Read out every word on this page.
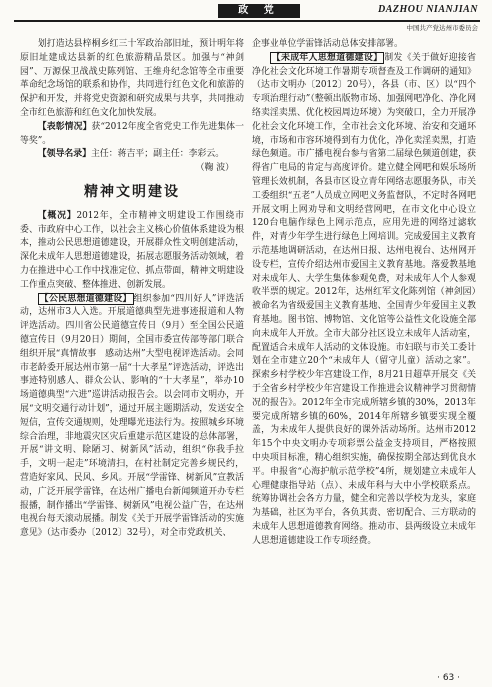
政 党	DAZHOU NIANJIAN
中国共产党达州市委员会

划打造达县梓桐乡红三十军政治部旧址，预计明年将原旧址建成达县新的红色旅游精品景区。加强与“神剑园”、万源保卫战战史陈列馆、王维舟纪念馆等全市重要革命纪念场馆的联系和协作，共同进行红色文化和旅游的保护和开发，并将党史资源和研究成果与共享，共同推动全市红色旅游和红色文化加快发展。

【表彰情况】获“2012年度全省党史工作先进集体一等奖”。

【领导名录】主任：蒋吉平；副主任：李彩云。

（鞠 波）

精神文明建设

【概况】2012年，全市精神文明建设工作围绕市委、市政府中心工作，以社会主义核心价值体系建设为根本，推动公民思想道德建设，开展群众性文明创建活动，深化未成年人思想道德建设，拓展志愿服务活动领域，着力在推进中心工作中找准定位、抓点带面，精神文明建设工作重点突破、整体推进、创新发展。

【公民思想道德建设】 组织参加“四川好人”评选活动，达州市3人入选。开展道德典型先进事迹报道和人物评选活动。四川省公民道德宣传日（9月）至全国公民道德宣传日（9月20日）期间，全国市委宣传部等部门联合组织开展“真情故事　感动达州”大型电视评选活动。会同市老龄委开展达州市第一届“十大孝星”评选活动，评选出事迹特别感人、群众公认、影响的“十大孝星”，举办10场道德典型“六进”巡讲活动报告会。以会同市文明办，开展“文明交通行动计划”，通过开展主题期活动，发送安全短信，宣传交通规则，处理曝光违法行为。按照城乡环境综合治理，非地震灾区灾后重建示范区建设的总体部署，开展“讲文明、除陋习、树新风”活动，组织“你我手拉手，文明一起走”环境清扫，在村社制定完善乡规民约，营造好家风、民风、乡风。开展“学雷锋、树新风”宣教活动，广泛开展学雷锋，在达州广播电台新闻频道开办专栏报播，制作播出“学雷锋、树新风”电视公益广告，在达州电视台每天滚动展播。制发《关于开展学雷锋活动的实施意见》（达市委办〔2012〕32号），对全市党政机关、

企事业单位学雷锋活动总体安排部署。

【未成年人思想道德建设】 制发《关于做好迎接省净化社会文化环境工作暑期专项督查及工作调研的通知》（达市文明办〔2012〕20号），各县（市、区）以“四个专项治理行动”（整顿出版物市场、加强网吧净化、净化网络卖淫卖黑、优化校园周边环境）为突破口，全力开展净化社会文化环境工作，全市社会文化环境、治安和交通环境，市场和市容环境得到有力优化，净化卖淫卖黑，打造绿色频道。市广播电视台参与省第二届绿色频道创建，获得省广电局的肯定与高度评价。建立健全网吧和娱乐场所管理长效机制，各县市区设立青年网络志愿服务队，市关工委组织“五老”人员成立网吧义务监督队，不定时各网吧开展文明上网劝导和文明经营网吧，在市文化中心设立120台电脑作绿色上网示范点，应用先进的网络过滤软件，对青少年学生进行绿色上网培训。完成爱国主义教育示范基地调研活动，在达州日报、达州电视台、达州网开设专栏，宣传介绍达州市爱国主义教育基地。落爱教基地对未成年人、大学生集体参观免费，对未成年人个人参观收半票的规定。2012年，达州红军文化陈列馆（神剑园）被命名为省级爱国主义教育基地、全国青少年爱国主义教育基地。图书馆、博物馆、文化馆等公益性文化设施全部向未成年人开放。全市大部分社区设立未成年人活动室，配置适合未成年人活动的文体设施。市妇联与市关工委计划在全市建立20个“未成年人（留守儿童）活动之家”。探索乡村学校少年宫建设工作，8月21日超草开展交《关于全省乡村学校少年宫建设工作推进会议精神学习贯彻情况的报告》。2012年全市完成所辖乡镇的30%，2013年要完成所辖乡镇的60%，2014年所辖乡镇要实现全覆盖，为未成年人提供良好的课外活动场所。达州市2012年15个中央文明办专项彩票公益金支持项目，严格按照中央项目标准，精心组织实施，确保按期全部达到优良水平。申报省“心海护航示范学校”4所，规划建立未成年人心理健康指导站（点）、未成年科与大中小学校联系点。统筹协调社会各方力量，健全和完善以学校为龙头，家庭为基础，社区为平台，各负其责、密切配合、三方联动的未成年人思想道德教育网络。推动市、县两级设立未成年人思想道德建设工作专项经费。

· 63 ·
